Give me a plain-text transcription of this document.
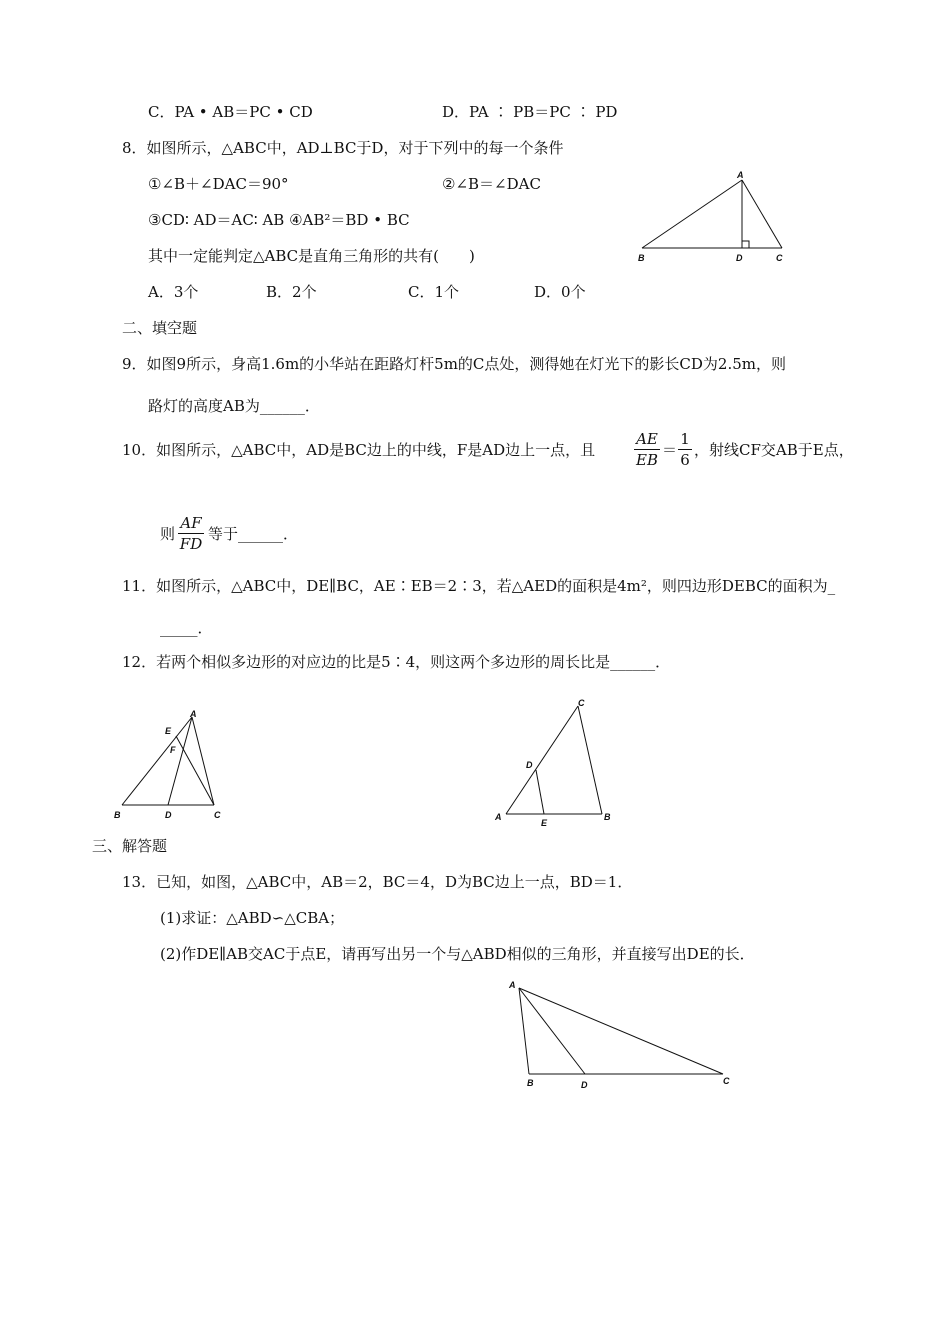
C．PA • AB＝PC • CD	D．PA ∶ PB＝PC ∶ PD
8．如图所示，△ABC中，AD⊥BC于D，对于下列中的每一个条件
①∠B＋∠DAC＝90°	②∠B＝∠DAC
③CD∶ AD＝AC∶ AB ④AB²＝BD • BC
其中一定能判定△ABC是直角三角形的共有(　　)
A．3个	B．2个	C．1个	D．0个
A
B	D	C
二、填空题
9．如图9所示，身高1.6m的小华站在距路灯杆5m的C点处，测得她在灯光下的影长CD为2.5m，则
路灯的高度AB为______．
10．如图所示，△ABC中，AD是BC边上的中线，F是AD边上一点，且
AE
EB
＝
1
6
，射线CF交AB于E点，
则
AF
FD
等于______．
11．如图所示，△ABC中，DE∥BC，AE∶EB＝2∶3，若△AED的面积是4m²，则四边形DEBC的面积为_
_____．
12．若两个相似多边形的对应边的比是5∶4，则这两个多边形的周长比是______．
A
E
F
B	D	C
C
D
A
E
B
三、解答题
13．已知，如图，△ABC中，AB＝2，BC＝4，D为BC边上一点，BD＝1．
(1)求证：△ABD∽△CBA；
(2)作DE∥AB交AC于点E，请再写出另一个与△ABD相似的三角形，并直接写出DE的长．
A
B	D	C
